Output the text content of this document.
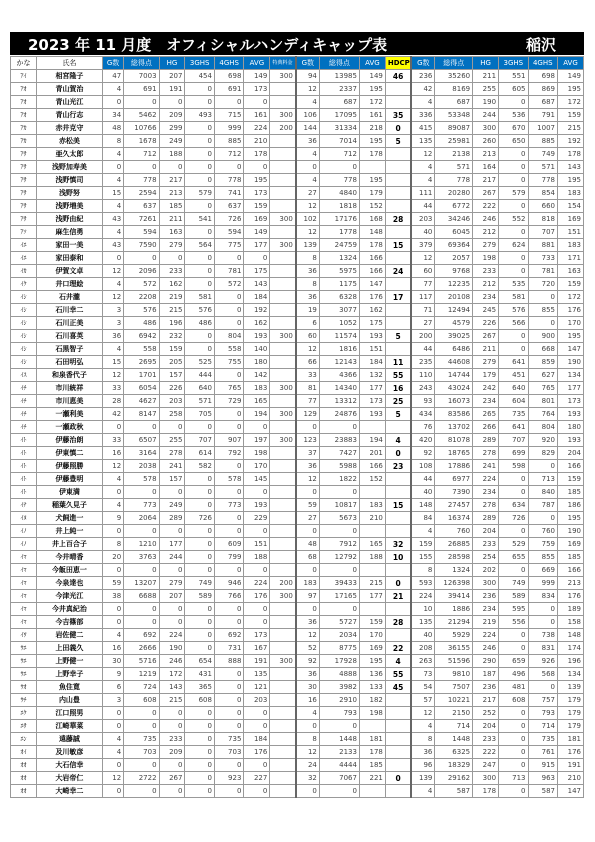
2023 年 11 月度　オフィシャルハンディキャップ表	稲沢
かな	氏名	G数	総得点	HG	3GHS	4GHS	AVG	特典料金	G数	総得点	AVG	HDCP	G数	総得点	HG	3GHS	4GHS	AVG
ｱｲ	相宮隆子	47	7003	207	454	698	149	300	94	13985	149	46	236	35260	211	551	698	149
ｱｵ	青山賀治	4	691	191	0	691	173		12	2337	195		42	8169	255	605	869	195
ｱｵ	青山光江	0	0	0	0	0	0		4	687	172		4	687	190	0	687	172
ｱｵ	青山行志	34	5462	209	493	715	161	300	106	17095	161	35	336	53348	244	536	791	159
ｱｶ	赤井克守	48	10766	299	0	999	224	200	144	31334	218	0	415	89087	300	670	1007	215
ｱｶ	赤松美	8	1678	249	0	885	210		36	7014	195	5	135	25981	260	650	885	192
ｱｻ	亜久太郎	4	712	188	0	712	178		4	712	178		12	2138	213	0	749	178
ｱｻ	浅野加寿美	0	0	0	0	0	0		0	0			4	571	164	0	571	143
ｱｻ	浅野慎司	4	778	217	0	778	195		4	778	195		4	778	217	0	778	195
ｱｻ	浅野努	15	2594	213	579	741	173		27	4840	179		111	20280	267	579	854	183
ｱｻ	浅野増美	4	637	185	0	637	159		12	1818	152		44	6772	222	0	660	154
ｱｻ	浅野由紀	43	7261	211	541	726	169	300	102	17176	168	28	203	34246	246	552	818	169
ｱｿ	麻生信勇	4	594	163	0	594	149		12	1778	148		40	6045	212	0	707	151
ｲｴ	家田一美	43	7590	279	564	775	177	300	139	24759	178	15	379	69364	279	624	881	183
ｲｴ	家田泰和	0	0	0	0	0	0		8	1324	166		12	2057	198	0	733	171
ｲｶ	伊賀文卓	12	2096	233	0	781	175		36	5975	166	24	60	9768	233	0	781	163
ｲｸ	井口理絵	4	572	162	0	572	143		8	1175	147		77	12235	212	535	720	159
ｲｼ	石井瀧	12	2208	219	581	0	184		36	6328	176	17	117	20108	234	581	0	172
ｲｼ	石川幸二	3	576	215	576	0	192		19	3077	162		71	12494	245	576	855	176
ｲｼ	石川正美	3	486	196	486	0	162		6	1052	175		27	4579	226	566	0	170
ｲｼ	石川喜英	36	6942	232	0	804	193	300	60	11574	193	5	200	39025	267	0	900	195
ｲｼ	石黒智子	4	558	159	0	558	140		12	1816	151		44	6486	211	0	668	147
ｲｼ	石田明弘	15	2695	205	525	755	180		66	12143	184	11	235	44608	279	641	859	190
ｲｽ	和泉香代子	12	1701	157	444	0	142		33	4366	132	55	110	14744	179	451	627	134
ｲﾁ	市川統祥	33	6054	226	640	765	183	300	81	14340	177	16	243	43024	242	640	765	177
ｲﾁ	市川恵美	28	4627	203	571	729	165		77	13312	173	25	93	16073	234	604	801	173
ｲﾁ	一瀬利美	42	8147	258	705	0	194	300	129	24876	193	5	434	83586	265	735	764	193
ｲﾁ	一瀬政秋	0	0	0	0	0	0		0	0			76	13702	266	641	804	180
ｲﾄ	伊藤治朗	33	6507	255	707	907	197	300	123	23883	194	4	420	81078	289	707	920	193
ｲﾄ	伊東慎二	16	3164	278	614	792	198		37	7427	201	0	92	18765	278	699	829	204
ｲﾄ	伊藤照勝	12	2038	241	582	0	170		36	5988	166	23	108	17886	241	598	0	166
ｲﾄ	伊藤豊明	4	578	157	0	578	145		12	1822	152		44	6977	224	0	713	159
ｲﾄ	伊東満	0	0	0	0	0	0		0	0			40	7390	234	0	840	185
ｲﾅ	稲葉久見子	4	773	249	0	773	193		59	10817	183	15	148	27457	278	634	787	186
ｲﾇ	犬飼進一	9	2064	289	726	0	229		27	5673	210		84	16374	289	726	0	195
ｲﾉ	井上純一	0	0	0	0	0	0		0	0			4	760	204	0	760	190
ｲﾉ	井上百合子	8	1210	177	0	609	151		48	7912	165	32	159	26885	233	529	759	169
ｲﾏ	今井晴香	20	3763	244	0	799	188		68	12792	188	10	155	28598	254	655	855	185
ｲﾏ	今飯田恵一	0	0	0	0	0	0		0	0			8	1324	202	0	669	166
ｲﾏ	今泉達也	59	13207	279	749	946	224	200	183	39433	215	0	593	126398	300	749	999	213
ｲﾏ	今津光江	38	6688	207	589	766	176	300	97	17165	177	21	224	39414	236	589	834	176
ｲﾏ	今井真紀治	0	0	0	0	0	0		0	0			10	1886	234	595	0	189
ｲﾏ	今吉篠部	0	0	0	0	0	0		36	5727	159	28	135	21294	219	556	0	158
ｲﾜ	岩佐健二	4	692	224	0	692	173		12	2034	170		40	5929	224	0	738	148
ｳｴ	上田義久	16	2666	190	0	731	167		52	8775	169	22	208	36155	246	0	831	174
ｳｴ	上野健一	30	5716	246	654	888	191	300	92	17928	195	4	263	51596	290	659	926	196
ｳｴ	上野幸子	9	1219	172	431	0	135		36	4888	136	55	73	9810	187	496	568	134
ｳｵ	魚住寛	6	724	143	365	0	121		30	3982	133	45	54	7507	236	481	0	139
ｳﾁ	内山豊	3	608	215	608	0	203		16	2910	182		57	10221	217	608	757	179
ｴｸ	江口照男	0	0	0	0	0	0		4	793	198		12	2150	252	0	793	179
ｴｻ	江崎華菜	0	0	0	0	0	0		0	0			4	714	204	0	714	179
ｴﾝ	遠藤誠	4	735	233	0	735	184		8	1448	181		8	1448	233	0	735	181
ｵｲ	及川敏彦	4	703	209	0	703	176		12	2133	178		36	6325	222	0	761	176
ｵｵ	大石信幸	0	0	0	0	0	0		24	4444	185		96	18329	247	0	915	191
ｵｵ	大岩帝仁	12	2722	267	0	923	227		32	7067	221	0	139	29162	300	713	963	210
ｵｵ	大崎幸二	0	0	0	0	0	0		0	0			4	587	178	0	587	147
